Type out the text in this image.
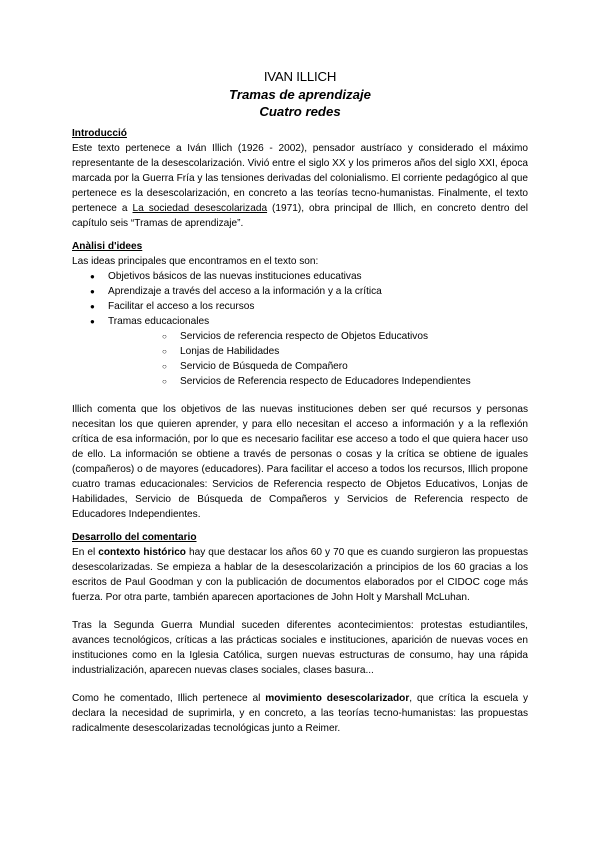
IVAN ILLICH
Tramas de aprendizaje
Cuatro redes
Introducció

Este texto pertenece a Iván Illich (1926 - 2002), pensador austríaco y considerado el máximo representante de la desescolarización. Vivió entre el siglo XX y los primeros años del siglo XXI, época marcada por la Guerra Fría y las tensiones derivadas del colonialismo. El corriente pedagógico al que pertenece es la desescolarización, en concreto a las teorías tecno-humanistas. Finalmente, el texto pertenece a La sociedad desescolarizada (1971), obra principal de Illich, en concreto dentro del capítulo seis “Tramas de aprendizaje”.

Anàlisi d'idees

Las ideas principales que encontramos en el texto son:

● Objetivos básicos de las nuevas instituciones educativas
● Aprendizaje a través del acceso a la información y a la crítica
● Facilitar el acceso a los recursos
● Tramas educacionales
○ Servicios de referencia respecto de Objetos Educativos
○ Lonjas de Habilidades
○ Servicio de Búsqueda de Compañero
○ Servicios de Referencia respecto de Educadores Independientes

Illich comenta que los objetivos de las nuevas instituciones deben ser qué recursos y personas necesitan los que quieren aprender, y para ello necesitan el acceso a información y a la reflexión crítica de esa información, por lo que es necesario facilitar ese acceso a todo el que quiera hacer uso de ello. La información se obtiene a través de personas o cosas y la crítica se obtiene de iguales (compañeros) o de mayores (educadores). Para facilitar el acceso a todos los recursos, Illich propone cuatro tramas educacionales: Servicios de Referencia respecto de Objetos Educativos, Lonjas de Habilidades, Servicio de Búsqueda de Compañeros y Servicios de Referencia respecto de Educadores Independientes.

Desarrollo del comentario

En el contexto histórico hay que destacar los años 60 y 70 que es cuando surgieron las propuestas desescolarizadas. Se empieza a hablar de la desescolarización a principios de los 60 gracias a los escritos de Paul Goodman y con la publicación de documentos elaborados por el CIDOC coge más fuerza. Por otra parte, también aparecen aportaciones de John Holt y Marshall McLuhan.

Tras la Segunda Guerra Mundial suceden diferentes acontecimientos: protestas estudiantiles, avances tecnológicos, críticas a las prácticas sociales e instituciones, aparición de nuevas voces en instituciones como en la Iglesia Católica, surgen nuevas estructuras de consumo, hay una rápida industrialización, aparecen nuevas clases sociales, clases basura...

Como he comentado, Illich pertenece al movimiento desescolarizador, que crítica la escuela y declara la necesidad de suprimirla, y en concreto, a las teorías tecno-humanistas: las propuestas radicalmente desescolarizadas tecnológicas junto a Reimer.
